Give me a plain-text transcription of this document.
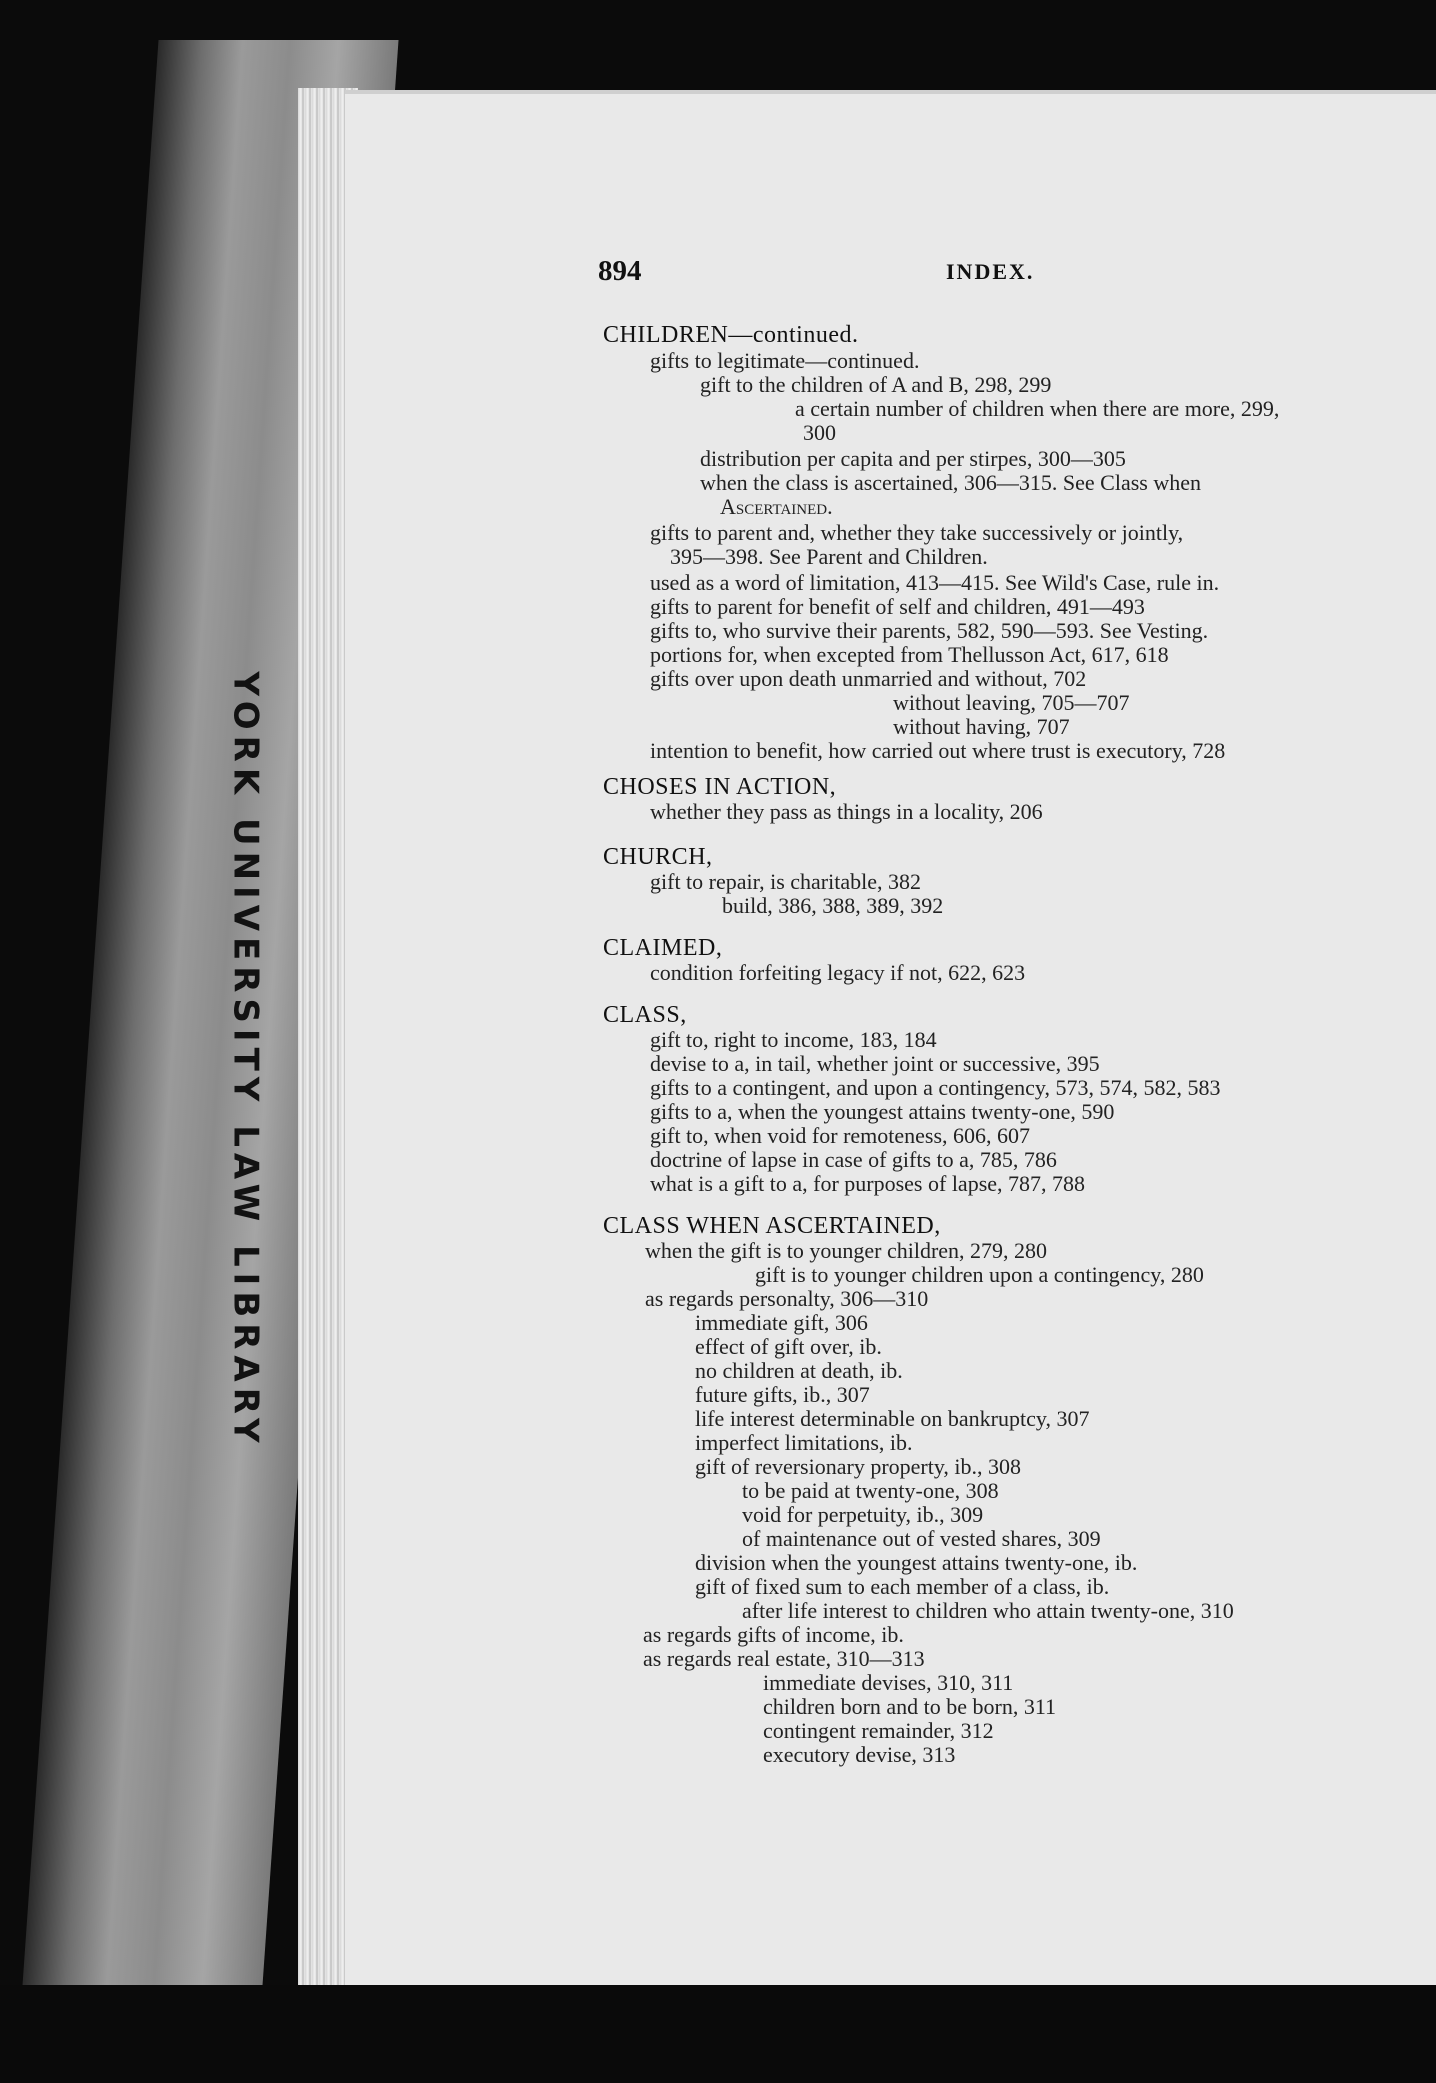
YORK UNIVERSITY LAW LIBRARY
894	INDEX.
CHILDREN—continued.
gifts to legitimate—continued.
gift to the children of A and B, 298, 299
a certain number of children when there are more, 299,
300
distribution per capita and per stirpes, 300—305
when the class is ascertained, 306—315. See Class when
Ascertained.
gifts to parent and, whether they take successively or jointly,
395—398. See Parent and Children.
used as a word of limitation, 413—415. See Wild's Case, rule in.
gifts to parent for benefit of self and children, 491—493
gifts to, who survive their parents, 582, 590—593. See Vesting.
portions for, when excepted from Thellusson Act, 617, 618
gifts over upon death unmarried and without, 702
without leaving, 705—707
without having, 707
intention to benefit, how carried out where trust is executory, 728
CHOSES IN ACTION,
whether they pass as things in a locality, 206
CHURCH,
gift to repair, is charitable, 382
build, 386, 388, 389, 392
CLAIMED,
condition forfeiting legacy if not, 622, 623
CLASS,
gift to, right to income, 183, 184
devise to a, in tail, whether joint or successive, 395
gifts to a contingent, and upon a contingency, 573, 574, 582, 583
gifts to a, when the youngest attains twenty-one, 590
gift to, when void for remoteness, 606, 607
doctrine of lapse in case of gifts to a, 785, 786
what is a gift to a, for purposes of lapse, 787, 788
CLASS WHEN ASCERTAINED,
when the gift is to younger children, 279, 280
gift is to younger children upon a contingency, 280
as regards personalty, 306—310
immediate gift, 306
effect of gift over, ib.
no children at death, ib.
future gifts, ib., 307
life interest determinable on bankruptcy, 307
imperfect limitations, ib.
gift of reversionary property, ib., 308
to be paid at twenty-one, 308
void for perpetuity, ib., 309
of maintenance out of vested shares, 309
division when the youngest attains twenty-one, ib.
gift of fixed sum to each member of a class, ib.
after life interest to children who attain twenty-one, 310
as regards gifts of income, ib.
as regards real estate, 310—313
immediate devises, 310, 311
children born and to be born, 311
contingent remainder, 312
executory devise, 313
